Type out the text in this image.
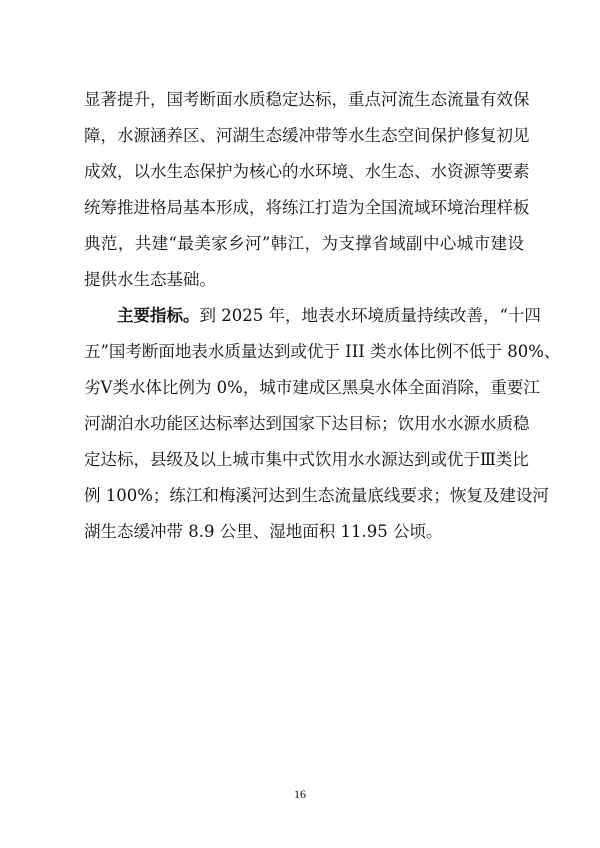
显著提升，国考断面水质稳定达标，重点河流生态流量有效保
障，水源涵养区、河湖生态缓冲带等水生态空间保护修复初见
成效，以水生态保护为核心的水环境、水生态、水资源等要素
统筹推进格局基本形成，将练江打造为全国流域环境治理样板
典范，共建“最美家乡河”韩江，为支撑省域副中心城市建设
提供水生态基础。
主要指标。到 2025 年，地表水环境质量持续改善，“十四
五”国考断面地表水质量达到或优于 III 类水体比例不低于 80%、
劣Ⅴ类水体比例为 0%，城市建成区黑臭水体全面消除，重要江
河湖泊水功能区达标率达到国家下达目标；饮用水水源水质稳
定达标，县级及以上城市集中式饮用水水源达到或优于Ⅲ类比
例 100%；练江和梅溪河达到生态流量底线要求；恢复及建设河
湖生态缓冲带 8.9 公里、湿地面积 11.95 公顷。
16
